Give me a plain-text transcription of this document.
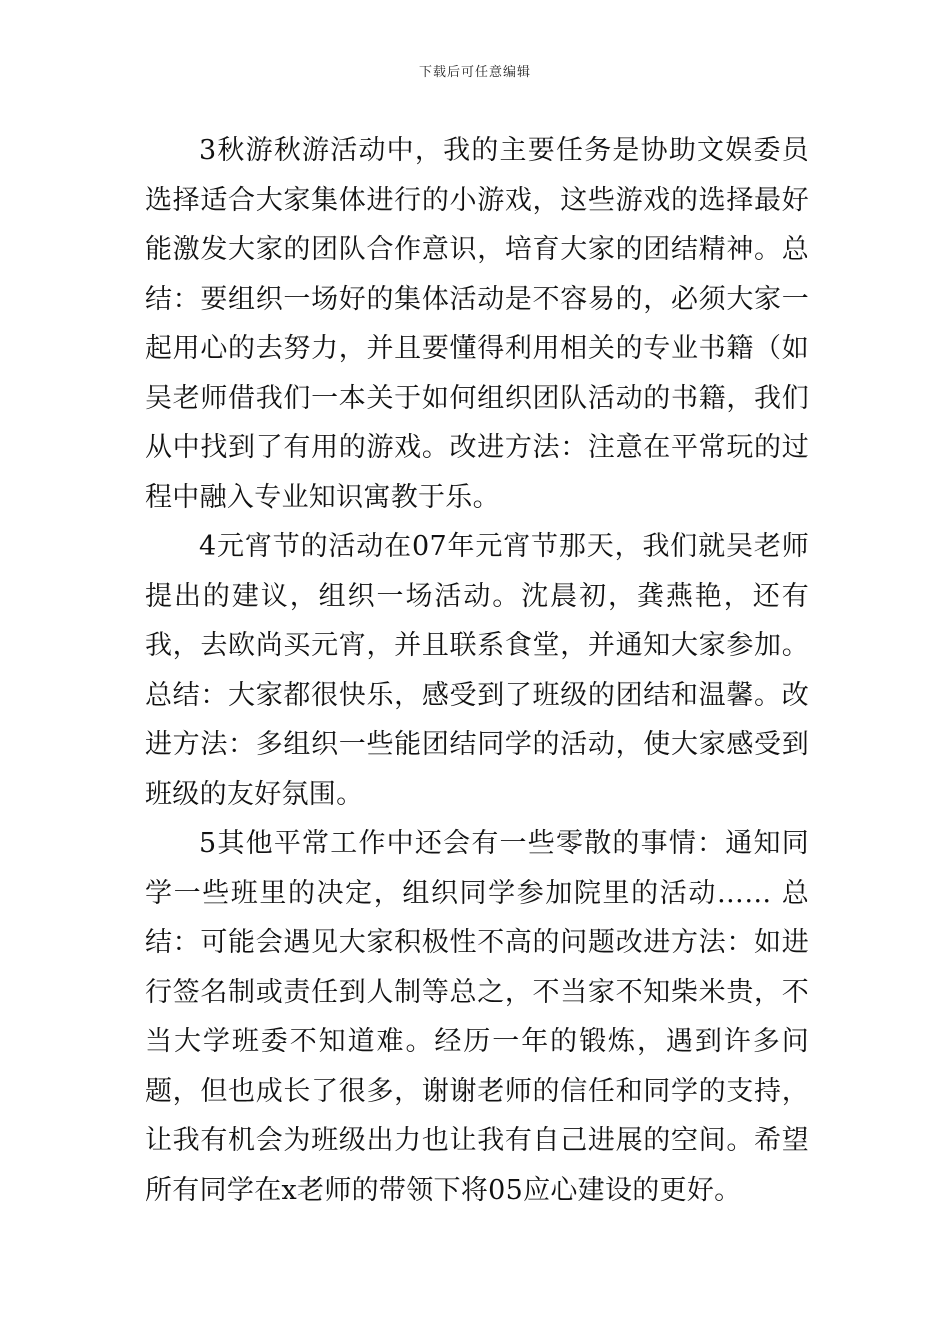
下载后可任意编辑

3秋游秋游活动中，我的主要任务是协助文娱委员选择适合大家集体进行的小游戏，这些游戏的选择最好能激发大家的团队合作意识，培育大家的团结精神。总结：要组织一场好的集体活动是不容易的，必须大家一起用心的去努力，并且要懂得利用相关的专业书籍（如吴老师借我们一本关于如何组织团队活动的书籍，我们从中找到了有用的游戏。改进方法：注意在平常玩的过程中融入专业知识寓教于乐。

4元宵节的活动在07年元宵节那天，我们就吴老师提出的建议，组织一场活动。沈晨初，龚燕艳，还有我，去欧尚买元宵，并且联系食堂，并通知大家参加。总结：大家都很快乐，感受到了班级的团结和温馨。改进方法：多组织一些能团结同学的活动，使大家感受到班级的友好氛围。

5其他平常工作中还会有一些零散的事情：通知同学一些班里的决定，组织同学参加院里的活动…… 总结：可能会遇见大家积极性不高的问题改进方法：如进行签名制或责任到人制等总之，不当家不知柴米贵，不当大学班委不知道难。经历一年的锻炼，遇到许多问题，但也成长了很多，谢谢老师的信任和同学的支持，让我有机会为班级出力也让我有自己进展的空间。希望所有同学在x老师的带领下将05应心建设的更好。
